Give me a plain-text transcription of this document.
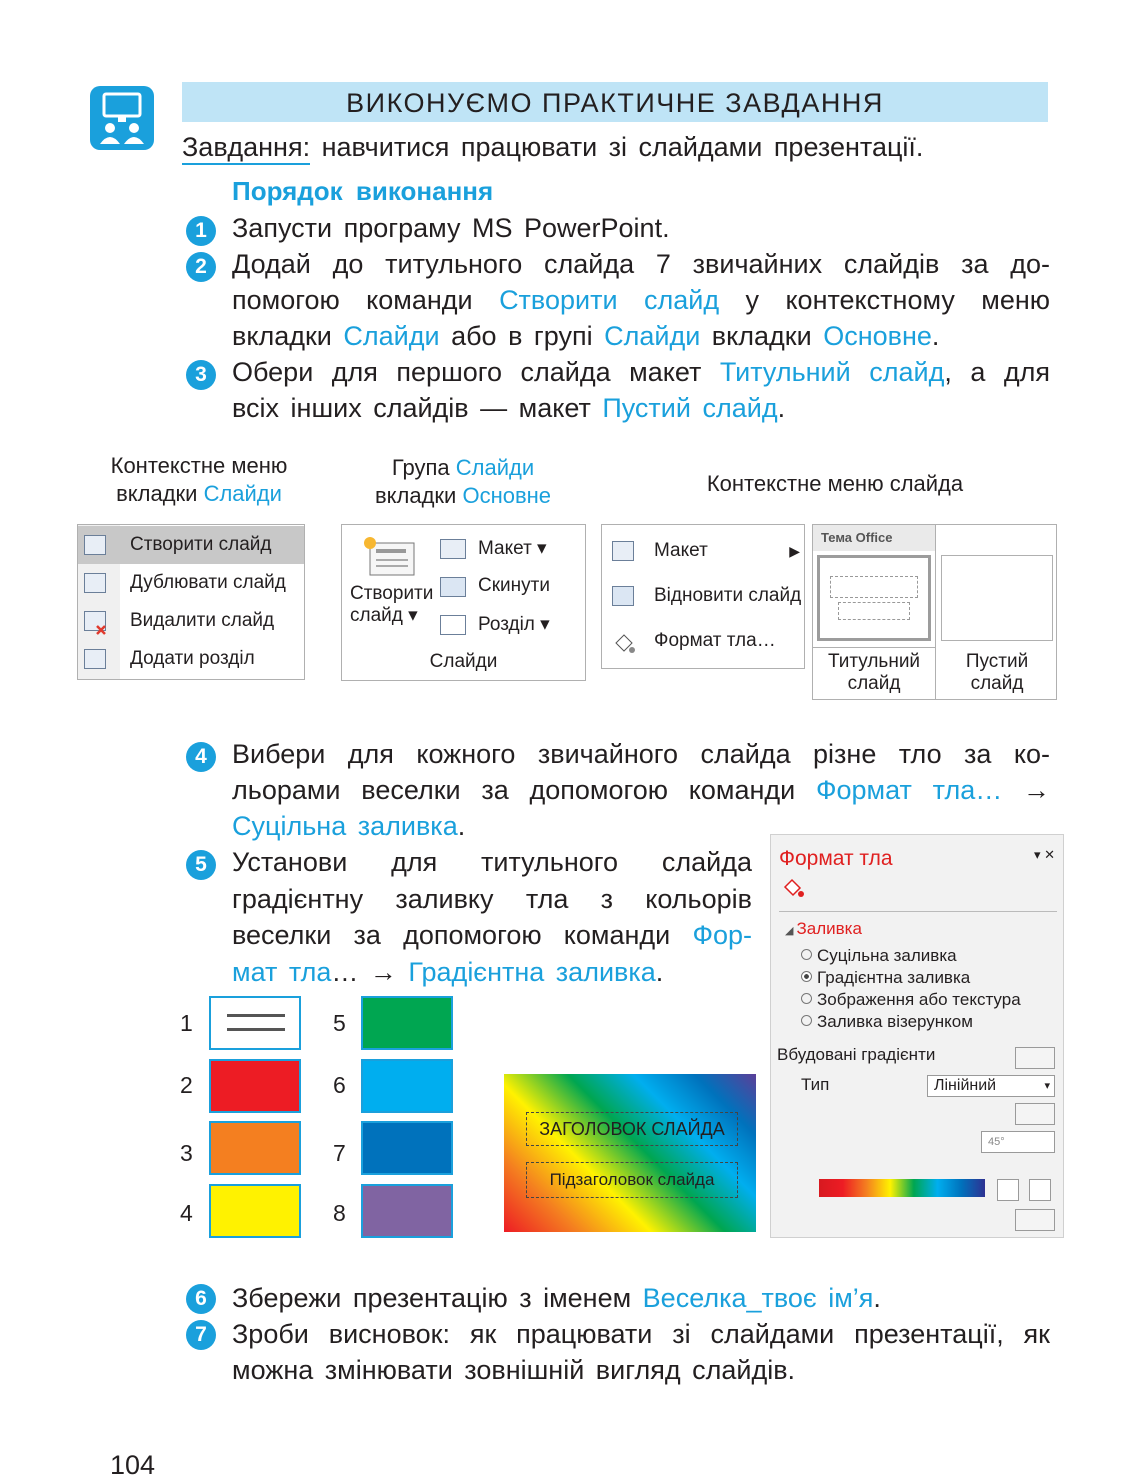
ВИКОНУЄМО ПРАКТИЧНЕ ЗАВДАННЯ
Завдання: навчитися працювати зі слайдами презентації.
Порядок виконання
1 Запусти програму MS PowerPoint.
2 Додай до титульного слайда 7 звичайних слайдів за до-помогою команди Створити слайд у контекстному меню вкладки Слайди або в групі Слайди вкладки Основне.
3 Обери для першого слайда макет Титульний слайд, а для всіх інших слайдів — макет Пустий слайд.
Контекстне меню
вкладки Слайди
Група Слайди
вкладки Основне	Контекстне меню слайда
Створити слайд
Дублювати слайд
Видалити слайд
Додати розділ
Створити
слайд ▾
Макет ▾
Скинути
Розділ ▾
Слайди
Макет	▶
Відновити слайд
Формат тла…
Тема Office
Титульний
слайд
Пустий
слайд
4 Вибери для кожного звичайного слайда різне тло за ко-льорами веселки за допомогою команди Формат тла… → Суцільна заливка.
5 Установи для титульного слайда градієнтну заливку тла з кольорів веселки за допомогою команди Фор-мат тла… → Градієнтна заливка.
1
2
3
4
5
6
7
8
ЗАГОЛОВОК СЛАЙДА
Підзаголовок слайда
Формат тла	▾ ✕
◢ Заливка
Суцільна заливка
Градієнтна заливка
Зображення або текстура
Заливка візерунком
Вбудовані градієнти
Тип	Лінійний	▾
45°
6 Збережи презентацію з іменем Веселка_твоє ім’я.
7 Зроби висновок: як працювати зі слайдами презентації, як можна змінювати зовнішній вигляд слайдів.
104
